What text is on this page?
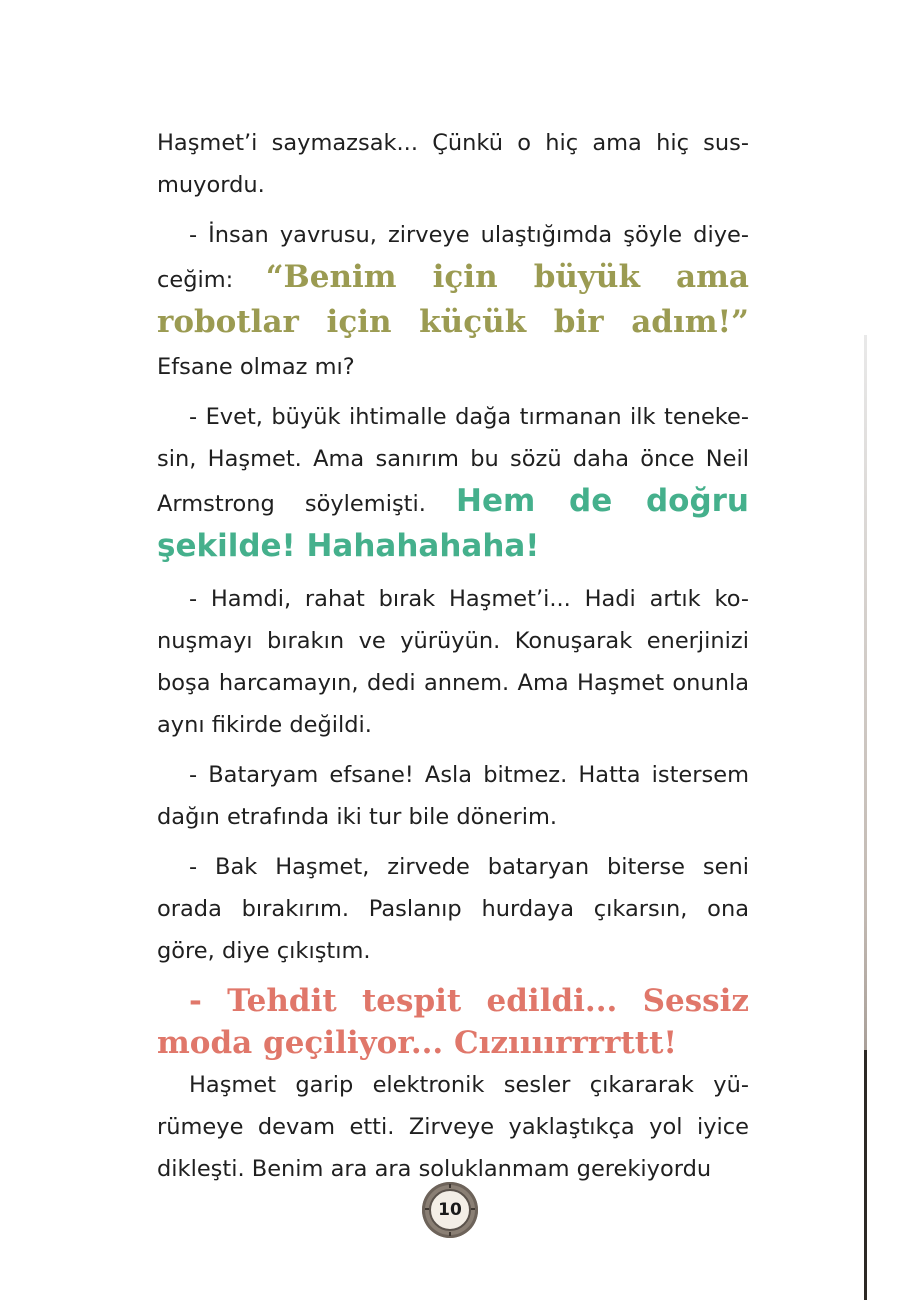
Haşmet’i saymazsak... Çünkü o hiç ama hiç sus-muyordu.

- İnsan yavrusu, zirveye ulaştığımda şöyle diye-ceğim: “Benim için büyük ama robotlar için küçük bir adım!” Efsane olmaz mı?

- Evet, büyük ihtimalle dağa tırmanan ilk teneke-sin, Haşmet. Ama sanırım bu sözü daha önce Neil Armstrong söylemişti. Hem de doğru şekilde! Hahahahaha!

- Hamdi, rahat bırak Haşmet’i... Hadi artık ko-nuşmayı bırakın ve yürüyün. Konuşarak enerjinizi boşa harcamayın, dedi annem. Ama Haşmet onunla aynı fikirde değildi.

- Bataryam efsane! Asla bitmez. Hatta istersem dağın etrafında iki tur bile dönerim.

- Bak Haşmet, zirvede bataryan biterse seni orada bırakırım. Paslanıp hurdaya çıkarsın, ona göre, diye çıkıştım.

- Tehdit tespit edildi... Sessiz moda geçiliyor... Cızıııırrrrttt!

Haşmet garip elektronik sesler çıkararak yü-rümeye devam etti. Zirveye yaklaştıkça yol iyice dikleşti. Benim ara ara soluklanmam gerekiyordu

10
